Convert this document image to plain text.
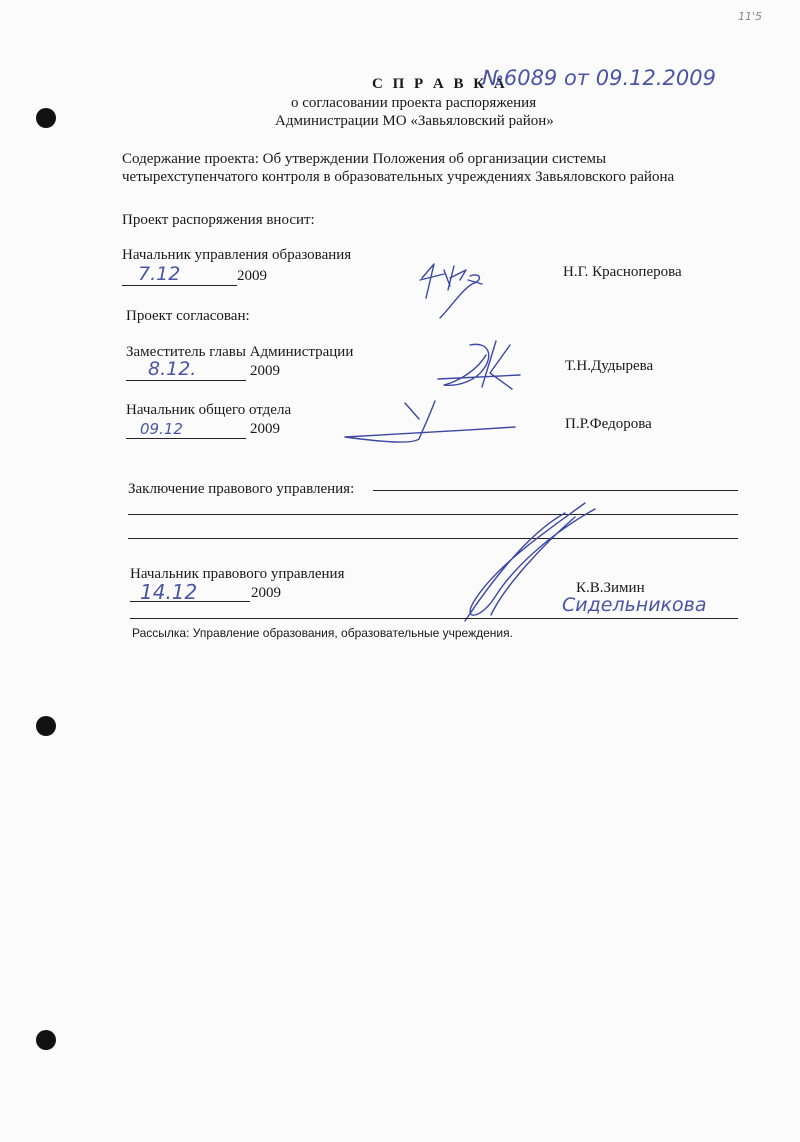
11'5
С П Р А В К А
№6089 от 09.12.2009
о согласовании проекта распоряжения
Администрации МО «Завьяловский район»
Содержание проекта: Об утверждении Положения об организации системы
четырехступенчатого контроля в образовательных учреждениях Завьяловского района
Проект распоряжения вносит:
Начальник управления образования
7.12	2009	Н.Г. Красноперова
Проект согласован:
Заместитель главы Администрации
8.12.	2009	Т.Н.Дудырева
Начальник общего отдела
09.12	2009	П.Р.Федорова
Заключение правового управления:
Начальник правового управления
14.12	2009	К.В.Зимин
Сидельникова
Рассылка: Управление образования, образовательные учреждения.
